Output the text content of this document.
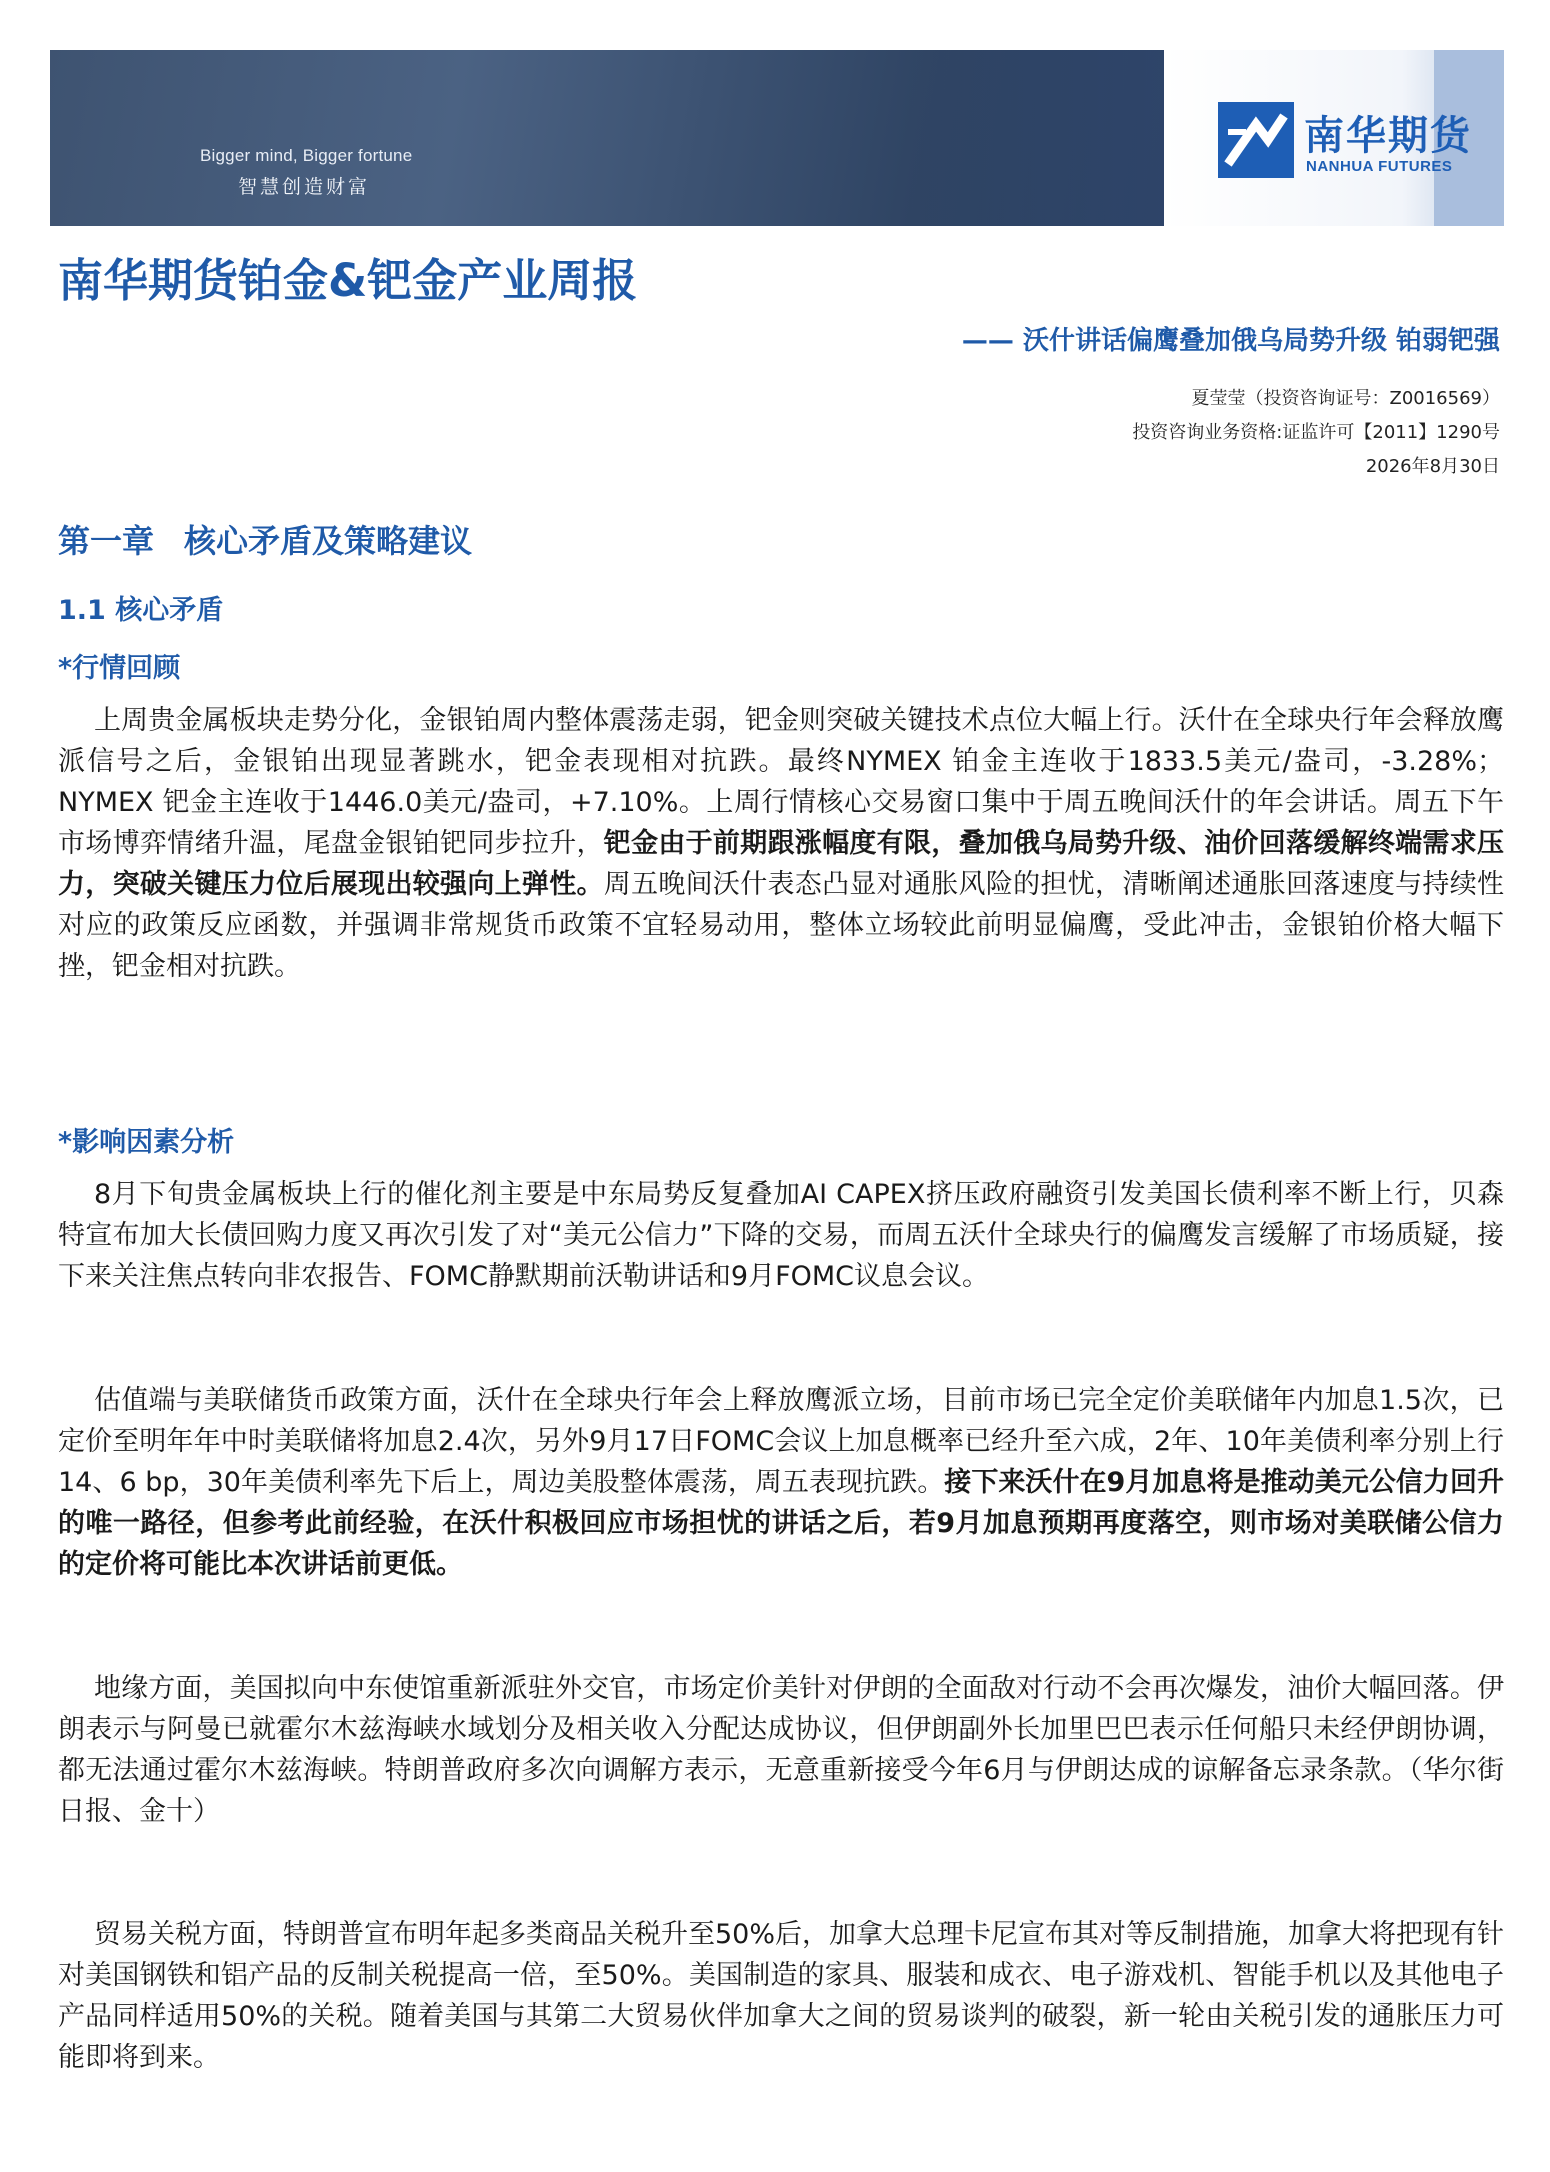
Bigger mind, Bigger fortune
智慧创造财富
南华期货
NANHUA FUTURES
南华期货铂金&钯金产业周报
—— 沃什讲话偏鹰叠加俄乌局势升级 铂弱钯强
夏莹莹（投资咨询证号：Z0016569）
投资咨询业务资格:证监许可【2011】1290号
2026年8月30日
第一章 核心矛盾及策略建议
1.1 核心矛盾
*行情回顾
上周贵金属板块走势分化，金银铂周内整体震荡走弱，钯金则突破关键技术点位大幅上行。沃什在全球央行年会释放鹰派信号之后，金银铂出现显著跳水，钯金表现相对抗跌。最终NYMEX 铂金主连收于1833.5美元/盎司，-3.28%；NYMEX 钯金主连收于1446.0美元/盎司，+7.10%。上周行情核心交易窗口集中于周五晚间沃什的年会讲话。周五下午市场博弈情绪升温，尾盘金银铂钯同步拉升，钯金由于前期跟涨幅度有限，叠加俄乌局势升级、油价回落缓解终端需求压力，突破关键压力位后展现出较强向上弹性。周五晚间沃什表态凸显对通胀风险的担忧，清晰阐述通胀回落速度与持续性对应的政策反应函数，并强调非常规货币政策不宜轻易动用，整体立场较此前明显偏鹰，受此冲击，金银铂价格大幅下挫，钯金相对抗跌。
*影响因素分析
8月下旬贵金属板块上行的催化剂主要是中东局势反复叠加AI CAPEX挤压政府融资引发美国长债利率不断上行，贝森特宣布加大长债回购力度又再次引发了对“美元公信力”下降的交易，而周五沃什全球央行的偏鹰发言缓解了市场质疑，接下来关注焦点转向非农报告、FOMC静默期前沃勒讲话和9月FOMC议息会议。
估值端与美联储货币政策方面，沃什在全球央行年会上释放鹰派立场，目前市场已完全定价美联储年内加息1.5次，已定价至明年年中时美联储将加息2.4次，另外9月17日FOMC会议上加息概率已经升至六成，2年、10年美债利率分别上行14、6 bp，30年美债利率先下后上，周边美股整体震荡，周五表现抗跌。接下来沃什在9月加息将是推动美元公信力回升的唯一路径，但参考此前经验，在沃什积极回应市场担忧的讲话之后，若9月加息预期再度落空，则市场对美联储公信力的定价将可能比本次讲话前更低。
地缘方面，美国拟向中东使馆重新派驻外交官，市场定价美针对伊朗的全面敌对行动不会再次爆发，油价大幅回落。伊朗表示与阿曼已就霍尔木兹海峡水域划分及相关收入分配达成协议，但伊朗副外长加里巴巴表示任何船只未经伊朗协调，都无法通过霍尔木兹海峡。特朗普政府多次向调解方表示，无意重新接受今年6月与伊朗达成的谅解备忘录条款。（华尔街日报、金十）
贸易关税方面，特朗普宣布明年起多类商品关税升至50%后，加拿大总理卡尼宣布其对等反制措施，加拿大将把现有针对美国钢铁和铝产品的反制关税提高一倍，至50%。美国制造的家具、服装和成衣、电子游戏机、智能手机以及其他电子产品同样适用50%的关税。随着美国与其第二大贸易伙伴加拿大之间的贸易谈判的破裂，新一轮由关税引发的通胀压力可能即将到来。
